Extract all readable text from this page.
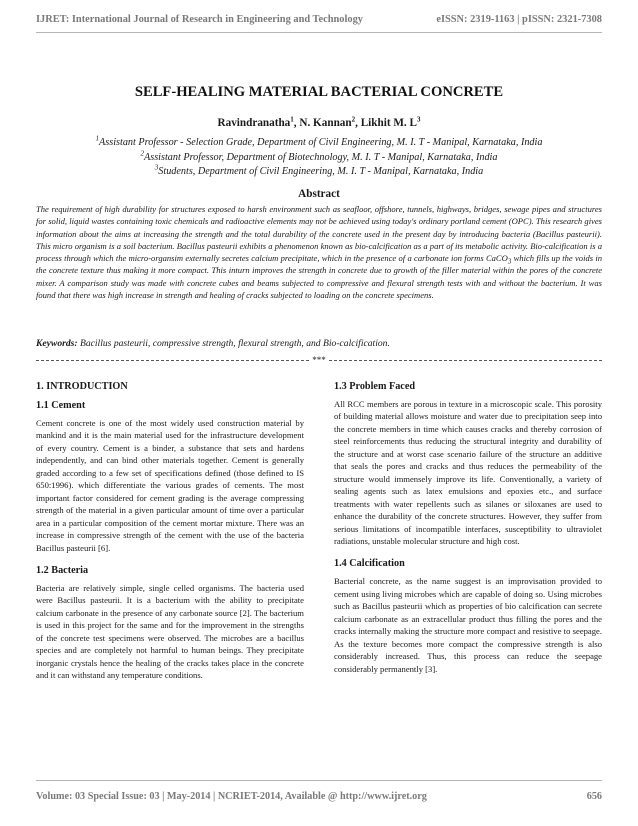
IJRET: International Journal of Research in Engineering and Technology	eISSN: 2319-1163 | pISSN: 2321-7308
SELF-HEALING MATERIAL BACTERIAL CONCRETE
Ravindranatha$^1$, N. Kannan$^2$, Likhit M. $L^3$
$^1$Assistant Professor - Selection Grade, Department of Civil Engineering, M. I. T - Manipal, Karnataka, India
$^2$Assistant Professor, Department of Biotechnology, M. I. T - Manipal, Karnataka, India
$^3$Students, Department of Civil Engineering, M. I. T - Manipal, Karnataka, India
Abstract
The requirement of high durability for structures exposed to harsh environment such as seafloor, offshore, tunnels, highways, bridges, sewage pipes and structures for solid, liquid wastes containing toxic chemicals and radioactive elements may not be achieved using today's ordinary portland cement (OPC). This research gives information about the aims at increasing the strength and the total durability of the concrete used in the present day by introducing bacteria (Bacillus pasteurii). This micro organism is a soil bacterium. Bacillus pasteurii exhibits a phenomenon known as bio-calcification as a part of its metabolic activity. Bio-calcification is a process through which the micro-organsim externally secretes calcium precipitate, which in the presence of a carbonate ion forms CaCO$_3$ which fills up the voids in the concrete texture thus making it more compact. This inturn improves the strength in concrete due to growth of the filler material within the pores of the concrete mixer. A comparison study was made with concrete cubes and beams subjected to compressive and flexural strength tests with and without the bacterium. It was found that there was high increase in strength and healing of cracks subjected to loading on the concrete specimens.
Keywords: Bacillus pasteurii, compressive strength, flexural strength, and Bio-calcification.
***
1. INTRODUCTION
1.1 Cement

Cement concrete is one of the most widely used construction material by mankind and it is the main material used for the infrastructure development of every country. Cement is a binder, a substance that sets and hardens independently, and can bind other materials together. Cement is generally graded according to a few set of specifications defined (those defined to IS 650:1996). which differentiate the various grades of cements. The most important factor considered for cement grading is the average compressing strength of the material in a given particular amount of time over a particular area in a particular composition of the cement mortar mixture. There was an increase in compressive strength of the cement with the use of the bacteria Bacillus pasteurii [6].

1.2 Bacteria

Bacteria are relatively simple, single celled organisms. The bacteria used were Bacillus pasteurii. It is a bacterium with the ability to precipitate calcium carbonate in the presence of any carbonate source [2]. The bacterium is used in this project for the same and for the improvement in the strengths of the concrete test specimens were observed. The microbes are a bacillus species and are completely not harmful to human beings. They precipitate inorganic crystals hence the healing of the cracks takes place in the concrete and it can withstand any temperature conditions.

1.3 Problem Faced

All RCC members are porous in texture in a microscopic scale. This porosity of building material allows moisture and water due to precipitation seep into the concrete members in time which causes cracks and thereby corrosion of steel reinforcements thus reducing the structural integrity and durability of the structure and at worst case scenario failure of the structure an additive that seals the pores and cracks and thus reduces the permeability of the structure would immensely improve its life. Conventionally, a variety of sealing agents such as latex emulsions and epoxies etc., and surface treatments with water repellents such as silanes or siloxanes are used to enhance the durability of the concrete structures. However, they suffer from serious limitations of incompatible interfaces, susceptibility to ultraviolet radiations, unstable molecular structure and high cost.

1.4 Calcification

Bacterial concrete, as the name suggest is an improvisation provided to cement using living microbes which are capable of doing so. Using microbes such as Bacillus pasteurii which as properties of bio calcification can secrete calcium carbonate as an extracellular product thus filling the pores and the cracks internally making the structure more compact and resistive to seepage. As the texture becomes more compact the compressive strength is also considerably increased. Thus, this process can reduce the seepage considerably permanently [3].

Volume: 03 Special Issue: 03 | May-2014 | NCRIET-2014, Available @ http://www.ijret.org	656
